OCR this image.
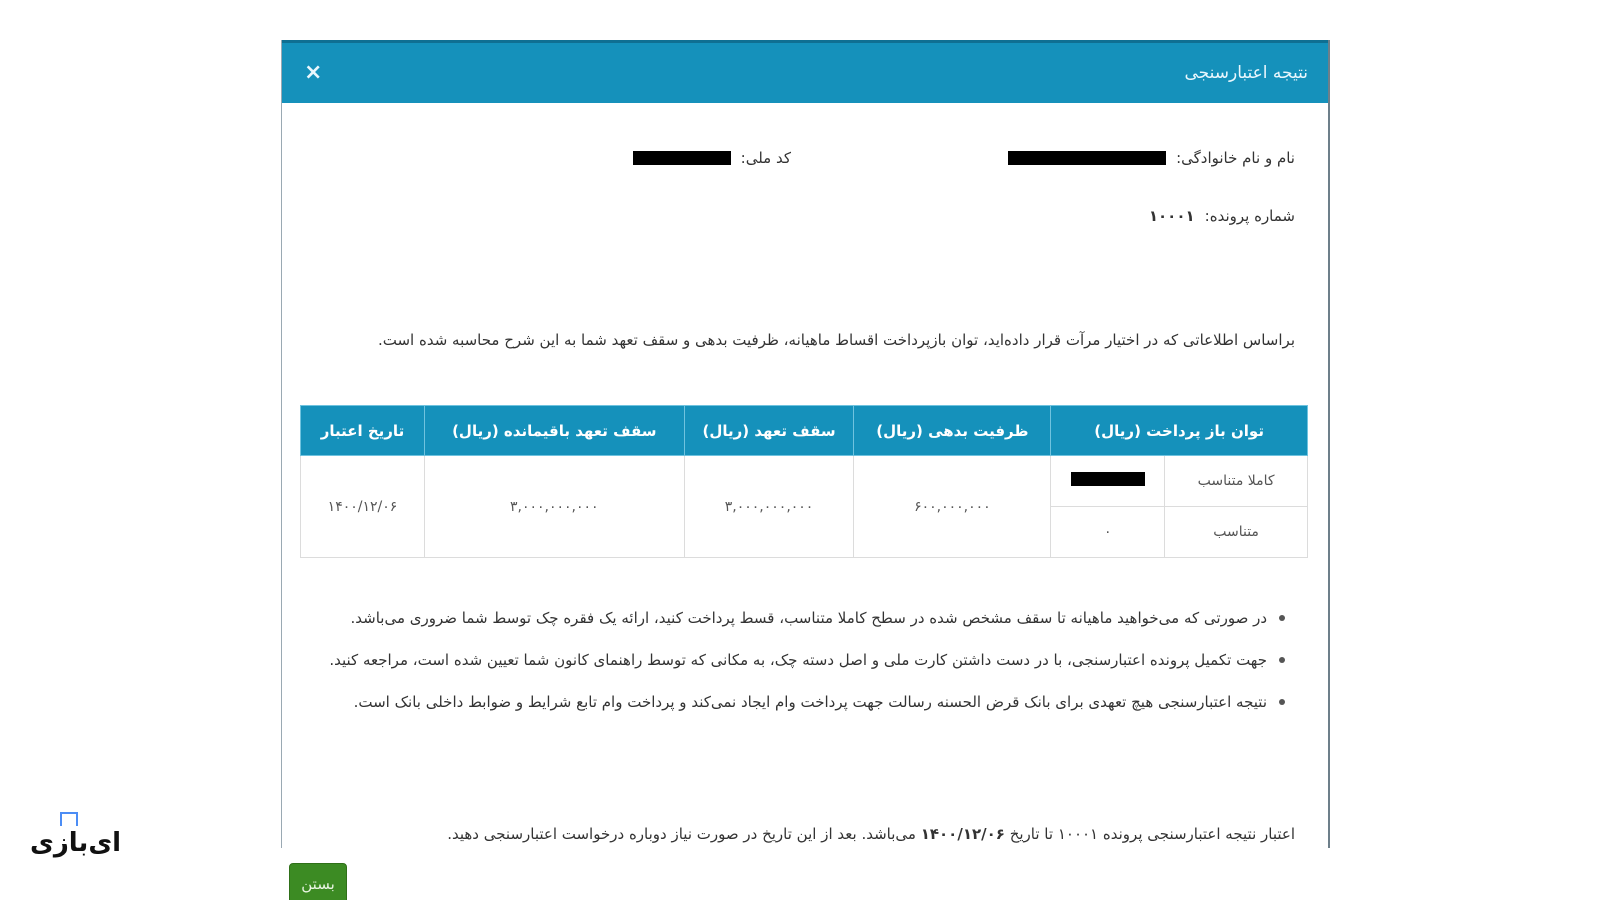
نتیجه اعتبارسنجی
×
نام و نام خانوادگی:
کد ملی:
شماره پرونده:
۱۰۰۰۱
براساس اطلاعاتی که در اختیار مرآت قرار داده‌اید، توان بازپرداخت اقساط ماهیانه، ظرفیت بدهی و سقف تعهد شما به این شرح محاسبه شده است.
توان باز پرداخت (ریال)		ظرفیت بدهی (ریال)	سقف تعهد (ریال)	سقف تعهد باقیمانده (ریال)	تاریخ اعتبار
کاملا متناسب		۶۰۰,۰۰۰,۰۰۰	۳,۰۰۰,۰۰۰,۰۰۰	۳,۰۰۰,۰۰۰,۰۰۰	۱۴۰۰/۱۲/۰۶
متناسب	۰				
در صورتی که می‌خواهید ماهیانه تا سقف مشخص شده در سطح کاملا متناسب، قسط پرداخت کنید، ارائه یک فقره چک توسط شما ضروری می‌باشد.
جهت تکمیل پرونده اعتبارسنجی، با در دست داشتن کارت ملی و اصل دسته چک، به مکانی که توسط راهنمای کانون شما تعیین شده است، مراجعه کنید.
نتیجه اعتبارسنجی هیچ تعهدی برای بانک قرض الحسنه رسالت جهت پرداخت وام ایجاد نمی‌کند و پرداخت وام تابع شرایط و ضوابط داخلی بانک است.
اعتبار نتیجه اعتبارسنجی پرونده ۱۰۰۰۱ تا تاریخ ۱۴۰۰/۱۲/۰۶ می‌باشد. بعد از این تاریخ در صورت نیاز دوباره درخواست اعتبارسنجی دهید.
بستن
ای‌بازی
